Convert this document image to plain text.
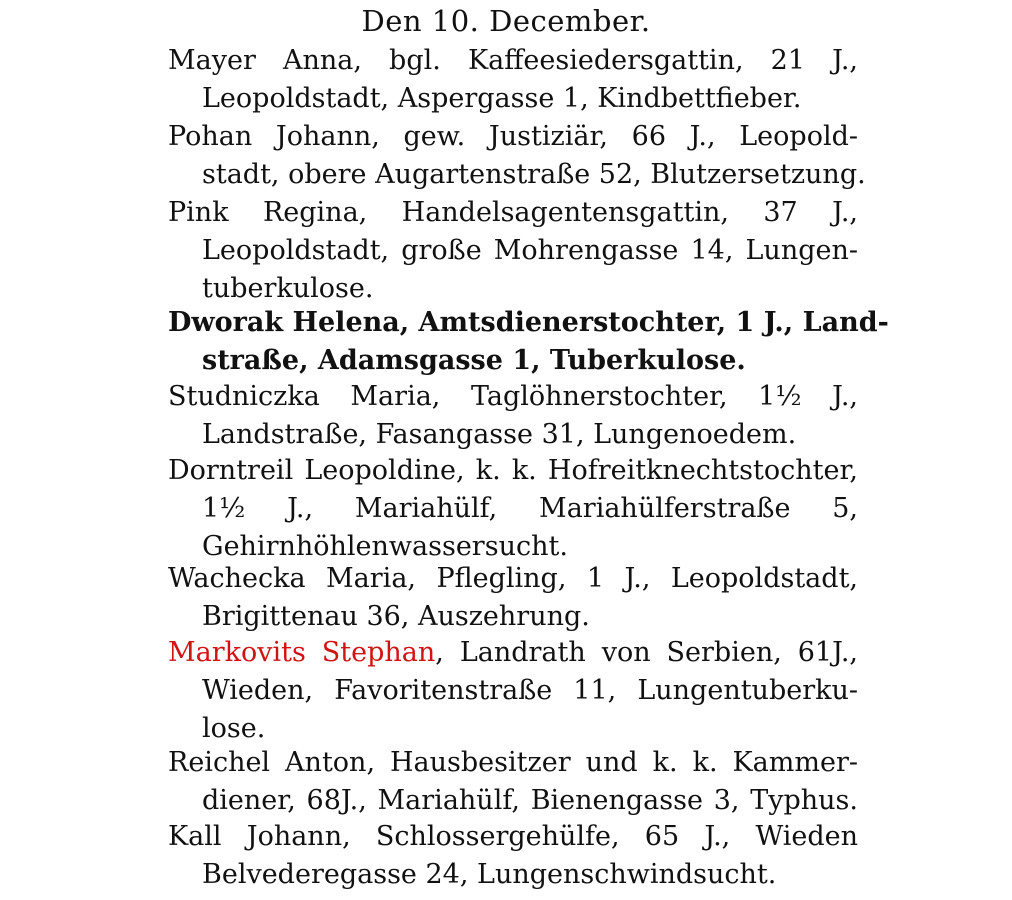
Den 10. December.
Mayer Anna, bgl. Kaffeesiedersgattin, 21 J.,
Leopoldstadt, Aspergasse 1, Kindbettfieber.
Pohan Johann, gew. Justiziär, 66 J., Leopold-
stadt, obere Augartenstraße 52, Blutzersetzung.
Pink Regina, Handelsagentensgattin, 37 J.,
Leopoldstadt, große Mohrengasse 14, Lungen-
tuberkulose.
Dworak Helena, Amtsdienerstochter, 1 J., Land-
straße, Adamsgasse 1, Tuberkulose.
Studniczka Maria, Taglöhnerstochter, 1½ J.,
Landstraße, Fasangasse 31, Lungenoedem.
Dorntreil Leopoldine, k. k. Hofreitknechtstochter,
1½ J., Mariahülf, Mariahülferstraße 5,
Gehirnhöhlenwassersucht.
Wachecka Maria, Pflegling, 1 J., Leopoldstadt,
Brigittenau 36, Auszehrung.
Markovits Stephan, Landrath von Serbien, 61J.,
Wieden, Favoritenstraße 11, Lungentuberku-
lose.
Reichel Anton, Hausbesitzer und k. k. Kammer-
diener, 68J., Mariahülf, Bienengasse 3, Typhus.
Kall Johann, Schlossergehülfe, 65 J., Wieden
Belvederegasse 24, Lungenschwindsucht.
